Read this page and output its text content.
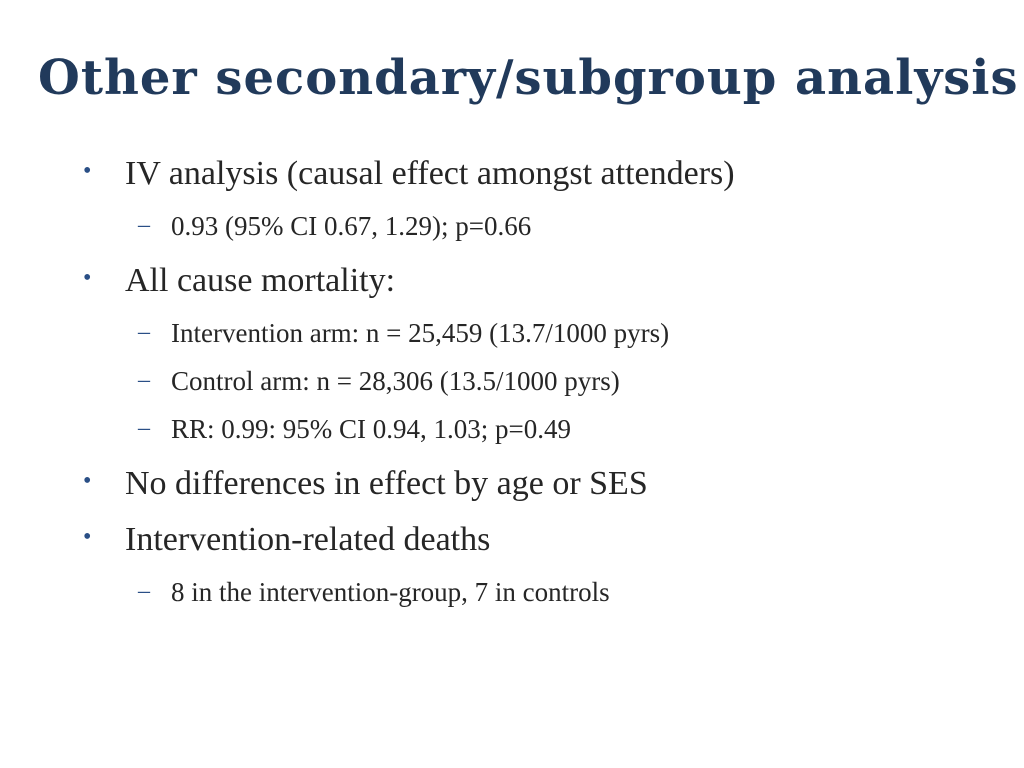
Other secondary/subgroup analysis
• IV analysis (causal effect amongst attenders)
– 0.93 (95% CI 0.67, 1.29); p=0.66
• All cause mortality:
– Intervention arm: n = 25,459 (13.7/1000 pyrs)
– Control arm: n = 28,306 (13.5/1000 pyrs)
– RR: 0.99: 95% CI 0.94, 1.03; p=0.49
• No differences in effect by age or SES
• Intervention-related deaths
– 8 in the intervention-group, 7 in controls
